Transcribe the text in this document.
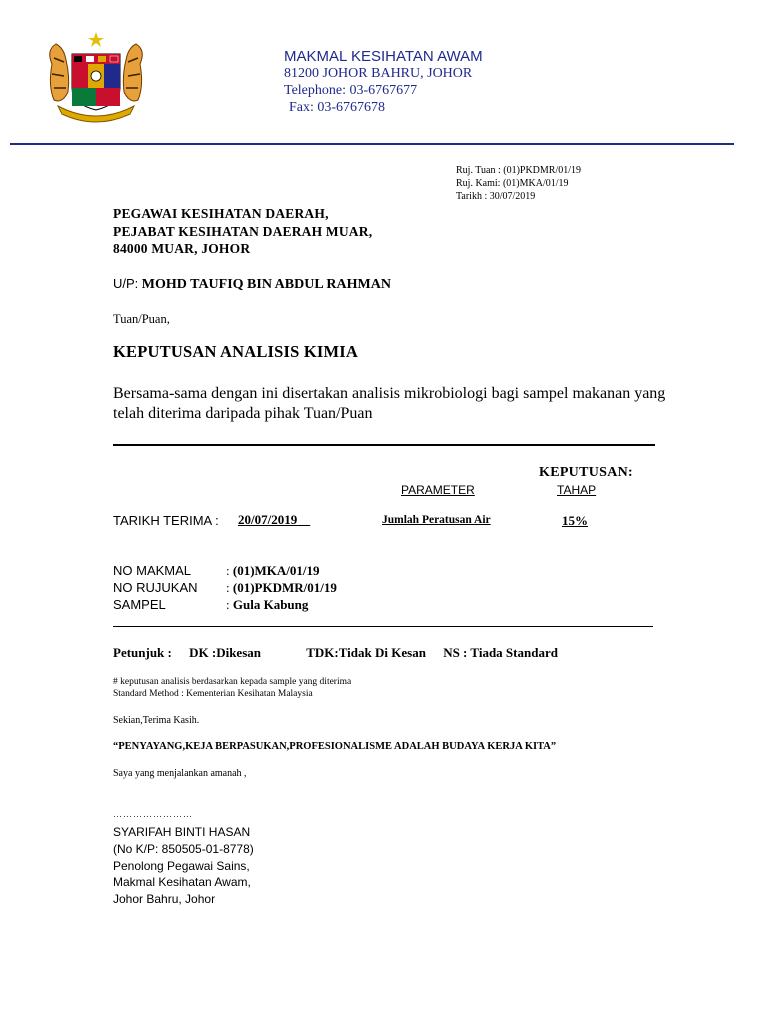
MAKMAL KESIHATAN AWAM
81200 JOHOR BAHRU, JOHOR
Telephone: 03-6767677
Fax: 03-6767678
Ruj. Tuan : (01)PKDMR/01/19
Ruj. Kami: (01)MKA/01/19
Tarikh : 30/07/2019
PEGAWAI KESIHATAN DAERAH,
PEJABAT KESIHATAN DAERAH MUAR,
84000 MUAR, JOHOR
U/P: MOHD TAUFIQ BIN ABDUL RAHMAN
Tuan/Puan,
KEPUTUSAN ANALISIS KIMIA
Bersama-sama dengan ini disertakan analisis mikrobiologi bagi sampel makanan yang telah diterima daripada pihak Tuan/Puan
KEPUTUSAN:
PARAMETER	TAHAP
TARIKH TERIMA : 20/07/2019	Jumlah Peratusan Air	15%
NO MAKMAL	: (01)MKA/01/19
NO RUJUKAN : (01)PKDMR/01/19
SAMPEL	: Gula Kabung
Petunjuk : DK :Dikesan	TDK:Tidak Di Kesan NS : Tiada Standard
# keputusan analisis berdasarkan kepada sample yang diterima
Standard Method : Kementerian Kesihatan Malaysia
Sekian,Terima Kasih.
“PENYAYANG,KEJA BERPASUKAN,PROFESIONALISME ADALAH BUDAYA KERJA KITA”
Saya yang menjalankan amanah ,
……………………
SYARIFAH BINTI HASAN
(No K/P: 850505-01-8778)
Penolong Pegawai Sains,
Makmal Kesihatan Awam,
Johor Bahru, Johor
